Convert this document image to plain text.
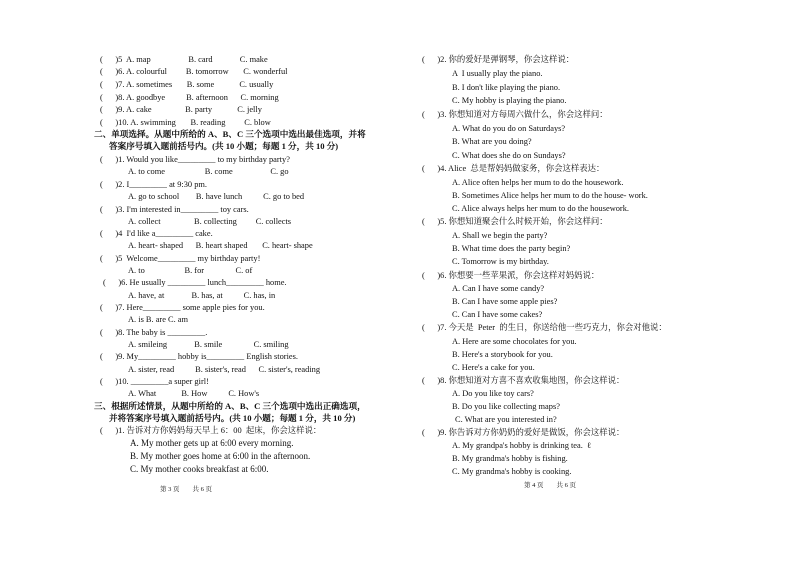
(      )5  A. map                  B. card             C. make
(      )6. A. colourful         B. tomorrow       C. wonderful
(      )7. A. sometimes       B. some            C. usually
(      )8. A. goodbye          B. afternoon      C. morning
(      )9. A. cake                B. party            C. jelly
(      )10. A. swimming       B. reading         C. blow
二、单项选择。从题中所给的 A、B、C 三个选项中选出最佳选项，并将
答案序号填入题前括号内。(共 10 小题；每题 1 分，共 10 分)
(      )1. Would you like_________ to my birthday party?
A. to come                   B. come                  C. go
(      )2. I_________ at 9:30 pm.
A. go to school        B. have lunch          C. go to bed
(      )3. I'm interested in_________ toy cars.
A. collect                B. collecting         C. collects
(      )4  I'd like a_________ cake.
A. heart- shaped      B. heart shaped       C. heart- shape
(      )5  Welcome_________ my birthday party!
A. to                   B. for               C. of
(      )6. He usually _________ lunch_________ home.
A. have, at             B. has, at          C. has, in
(      )7. Here_________ some apple pies for you.
A. is B. are C. am
(      )8. The baby is _________.
A. smileing             B. smile               C. smiling
(      )9. My_________ hobby is_________ English stories.
A. sister, read          B. sister's, read      C. sister's, reading
(      )10. _________a super girl!
A. What            B. How          C. How's
三、根据所述情景，从题中所给的 A、B、C 三个选项中选出正确选项，
并将答案序号填入题前括号内。(共 10 小题；每题 1 分，共 10 分)
(      )1. 告诉对方你妈妈每天早上 6：00  起床，你会这样说：
A. My mother gets up at 6:00 every morning.
B. My mother goes home at 6:00 in the afternoon.
C. My mother cooks breakfast at 6:00.
(      )2. 你的爱好是弹钢琴，你会这样说：
A  I usually play the piano.
B. I don't like playing the piano.
C. My hobby is playing the piano.
(      )3. 你想知道对方每周六做什么，你会这样问：
A. What do you do on Saturdays?
B. What are you doing?
C. What does she do on Sundays?
(      )4. Alice  总是帮妈妈做家务，你会这样表达：
A. Alice often helps her mum to do the housework.
B. Sometimes Alice helps her mum to do the house- work.
C. Alice always helps her mum to do the housework.
(      )5. 你想知道聚会什么时候开始，你会这样问：
A. Shall we begin the party?
B. What time does the party begin?
C. Tomorrow is my birthday.
(      )6. 你想要一些苹果派，你会这样对妈妈说：
A. Can I have some candy?
B. Can I have some apple pies?
C. Can I have some cakes?
(      )7. 今天是  Peter  的生日，你送给他一些巧克力，你会对他说：
A. Here are some chocolates for you.
B. Here's a storybook for you.
C. Here's a cake for you.
(      )8. 你想知道对方喜不喜欢收集地图，你会这样说：
A. Do you like toy cars?
B. Do you like collecting maps?
C. What are you interested in?
(      )9. 你告诉对方你奶奶的爱好是做饭，你会这样说：
A. My grandpa's hobby is drinking tea.  ℓ
B. My grandma's hobby is fishing.
C. My grandma's hobby is cooking.
第 3 页        共 6 页
第 4 页        共 6 页
